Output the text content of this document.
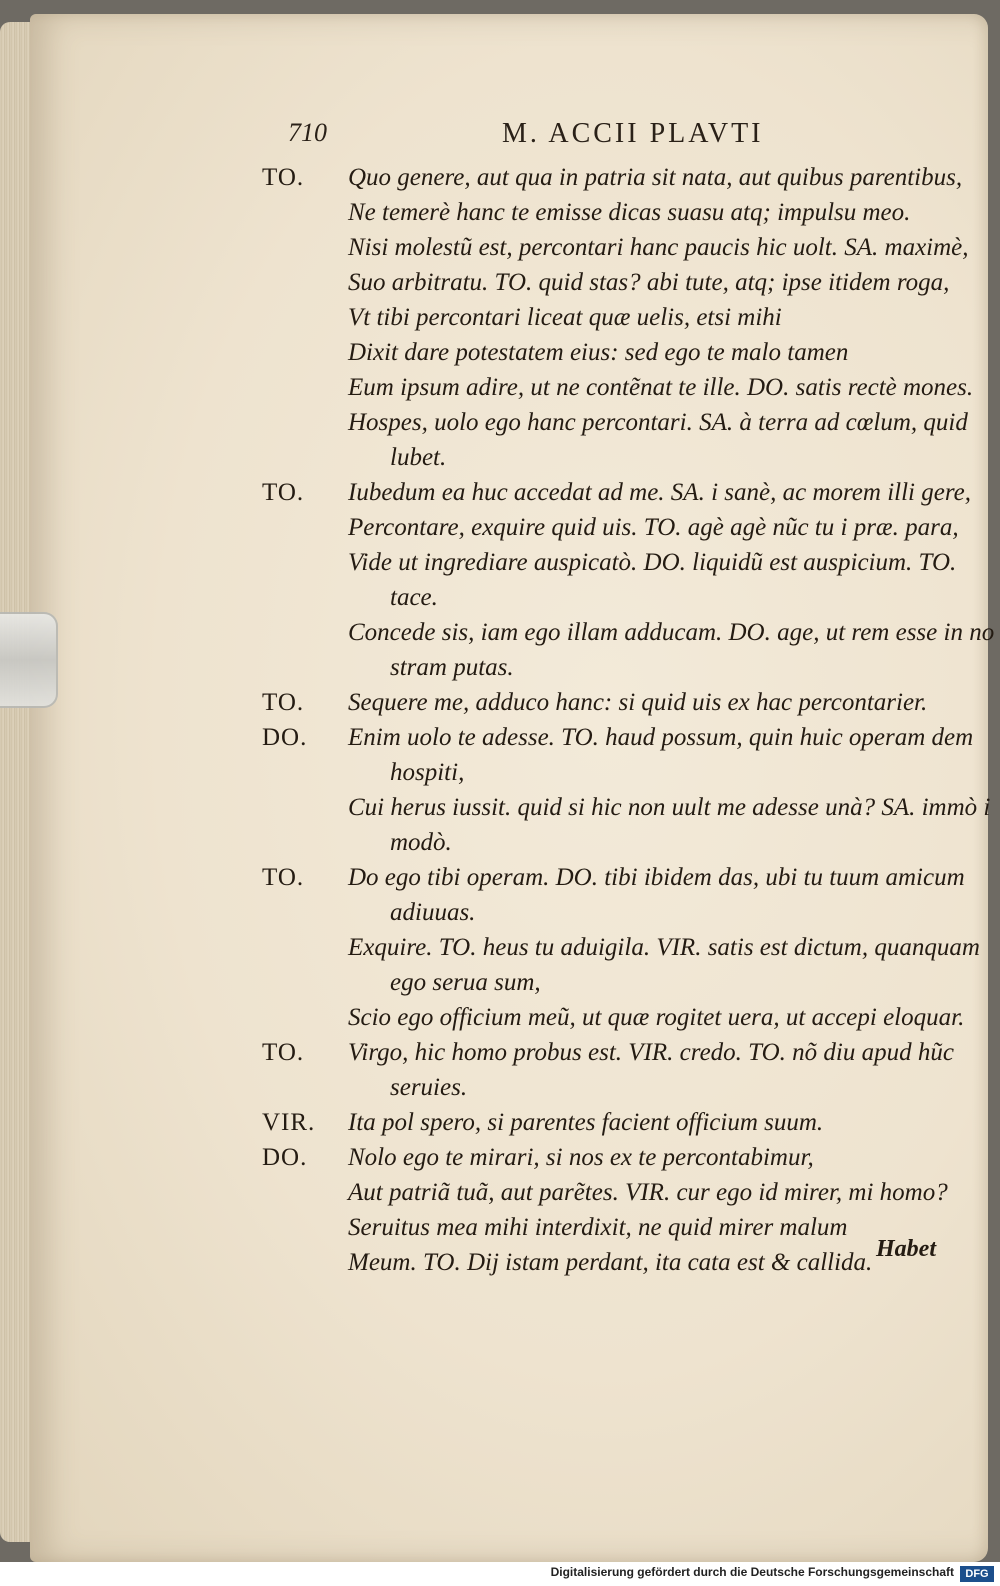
710	M. ACCII PLAVTI
TO. Quo genere, aut qua in patria sit nata, aut quibus parentibus,
Ne temerè hanc te emisse dicas suasu atq; impulsu meo.
Nisi molestũ est, percontari hanc paucis hic uolt. SA. maximè,
Suo arbitratu. TO. quid stas? abi tute, atq; ipse itidem roga,
Vt tibi percontari liceat quæ uelis, etsi mihi
Dixit dare potestatem eius: sed ego te malo tamen
Eum ipsum adire, ut ne contẽnat te ille. DO. satis rectè mones.
Hospes, uolo ego hanc percontari. SA. à terra ad cœlum, quid
lubet.
TO. Iubedum ea huc accedat ad me. SA. i sanè, ac morem illi gere,
Percontare, exquire quid uis. TO. agè agè nũc tu i præ. para,
Vide ut ingrediare auspicatò. DO. liquidũ est auspicium. TO.
tace.
Concede sis, iam ego illam adducam. DO. age, ut rem esse in no
stram putas.
TO. Sequere me, adduco hanc: si quid uis ex hac percontarier.
DO. Enim uolo te adesse. TO. haud possum, quin huic operam dem
hospiti,
Cui herus iussit. quid si hic non uult me adesse unà? SA. immò i
modò.
TO. Do ego tibi operam. DO. tibi ibidem das, ubi tu tuum amicum
adiuuas.
Exquire. TO. heus tu aduigila. VIR. satis est dictum, quanquam
ego serua sum,
Scio ego officium meũ, ut quæ rogitet uera, ut accepi eloquar.
TO. Virgo, hic homo probus est. VIR. credo. TO. nõ diu apud hũc
seruies.
VIR. Ita pol spero, si parentes facient officium suum.
DO. Nolo ego te mirari, si nos ex te percontabimur,
Aut patriã tuã, aut parẽtes. VIR. cur ego id mirer, mi homo?
Seruitus mea mihi interdixit, ne quid mirer malum
Meum. TO. Dij istam perdant, ita cata est & callida. Habet
Digitalisierung gefördert durch die Deutsche Forschungsgemeinschaft	DFG
